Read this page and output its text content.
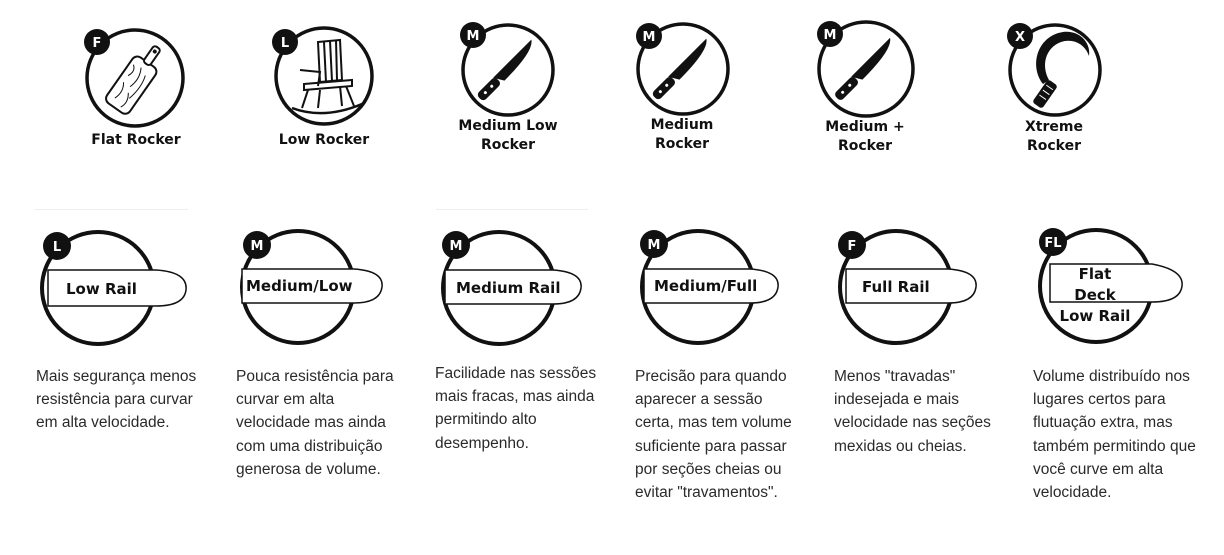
F
Flat Rocker
L
Low Rocker
M
Medium Low Rocker
M
Medium Rocker
M
Medium + Rocker
X
Xtreme Rocker
L
Low Rail
Mais segurança menos resistência para curvar em alta velocidade.
M
Medium/Low
Pouca resistência para curvar em alta velocidade mas ainda com uma distribuição generosa de volume.
M
Medium Rail
Facilidade nas sessões mais fracas, mas ainda permitindo alto desempenho.
M
Medium/Full
Precisão para quando aparecer a sessão certa, mas tem volume suficiente para passar por seções cheias ou evitar "travamentos".
F
Full Rail
Menos "travadas" indesejada e mais velocidade nas seções mexidas ou cheias.
FL
Flat Deck Low Rail
Volume distribuído nos lugares certos para flutuação extra, mas também permitindo que você curve em alta velocidade.
